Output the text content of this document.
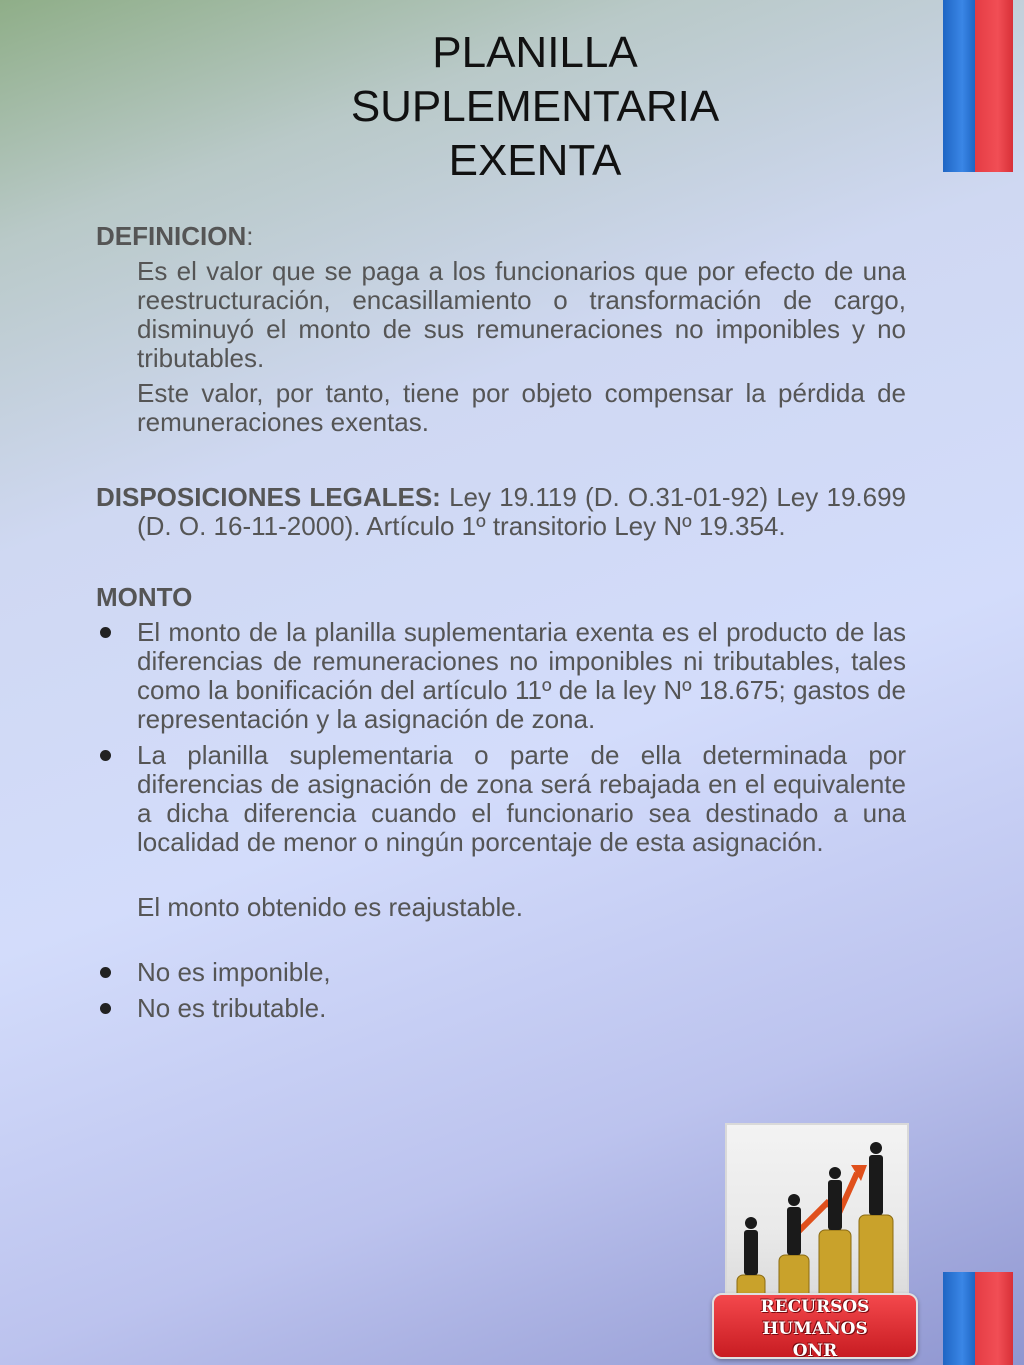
PLANILLA
SUPLEMENTARIA
EXENTA
DEFINICION:

Es el valor que se paga a los funcionarios que por efecto de una reestructuración, encasillamiento o transformación de cargo, disminuyó el monto de sus remuneraciones no imponibles y no tributables.

Este valor, por tanto, tiene por objeto compensar la pérdida de remuneraciones exentas.

DISPOSICIONES LEGALES: Ley 19.119 (D. O.31-01-92) Ley 19.699 (D. O. 16-11-2000). Artículo 1º transitorio Ley Nº 19.354.

MONTO
El monto de la planilla suplementaria exenta es el producto de las diferencias de remuneraciones no imponibles ni tributables, tales como la bonificación del artículo 11º de la ley Nº 18.675; gastos de representación y la asignación de zona.
La planilla suplementaria o parte de ella determinada por diferencias de asignación de zona será rebajada en el equivalente a dicha diferencia cuando el funcionario sea destinado a una localidad de menor o ningún porcentaje de esta asignación.

El monto obtenido es reajustable.

No es imponible,
No es tributable.
RECURSOS
HUMANOS
ONR
